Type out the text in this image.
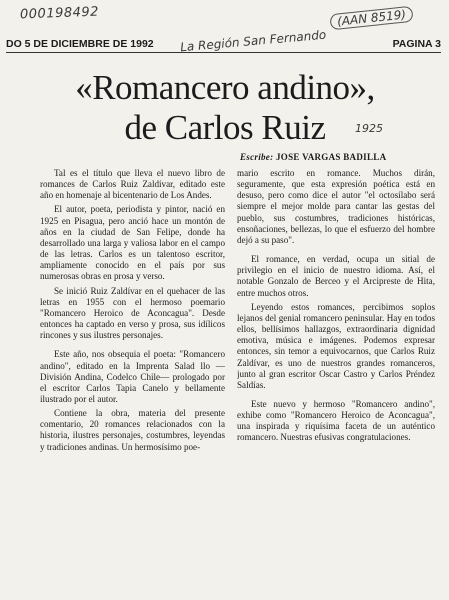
000198492	(AAN 8519)
La Región San Fernando
DO 5 DE DICIEMBRE DE 1992	PAGINA 3
«Romancero andino»,
de Carlos Ruiz	1925
Escribe: JOSE VARGAS BADILLA

Tal es el título que lleva el nuevo libro de romances de Carlos Ruiz Zaldívar, editado este año en homenaje al bicentenario de Los Andes.

El autor, poeta, periodista y pintor, nació en 1925 en Pisagua, pero anció hace un montón de años en la ciudad de San Felipe, donde ha desarrollado una larga y valiosa labor en el campo de las letras. Carlos es un talentoso escritor, ampliamente conocido en el país por sus numerosas obras en prosa y verso.

Se inició Ruiz Zaldívar en el quehacer de las letras en 1955 con el hermoso poemario "Romancero Heroico de Aconcagua". Desde entonces ha captado en verso y prosa, sus idílicos rincones y sus ilustres personajes.

Este año, nos obsequia el poeta: "Romancero andino", editado en la Imprenta Salad llo —División Andina, Codelco Chile— prologado por el escritor Carlos Tapia Canelo y bellamente ilustrado por el autor.

Contiene la obra, materia del presente comentario, 20 romances relacionados con la historia, ilustres personajes, costumbres, leyendas y tradiciones andinas. Un hermosísimo poe-

mario escrito en romance. Muchos dirán, seguramente, que esta expresión poética está en desuso, pero como dice el autor "el octosílabo será siempre el mejor molde para cantar las gestas del pueblo, sus costumbres, tradiciones históricas, ensoñaciones, bellezas, lo que el esfuerzo del hombre dejó a su paso".

El romance, en verdad, ocupa un sitial de privilegio en el inicio de nuestro idioma. Así, el notable Gonzalo de Berceo y el Arcipreste de Hita, entre muchos otros.

Leyendo estos romances, percibimos soplos lejanos del genial romancero peninsular. Hay en todos ellos, bellísimos hallazgos, extraordinaria dignidad emotiva, música e imágenes. Podemos expresar entonces, sin temor a equivocarnos, que Carlos Ruiz Zaldívar, es uno de nuestros grandes romanceros, junto al gran escritor Oscar Castro y Carlos Préndez Saldías.

Este nuevo y hermoso "Romancero andino", exhibe como "Romancero Heroico de Aconcagua", una inspirada y riquísima faceta de un auténtico romancero. Nuestras efusivas congratulaciones.
